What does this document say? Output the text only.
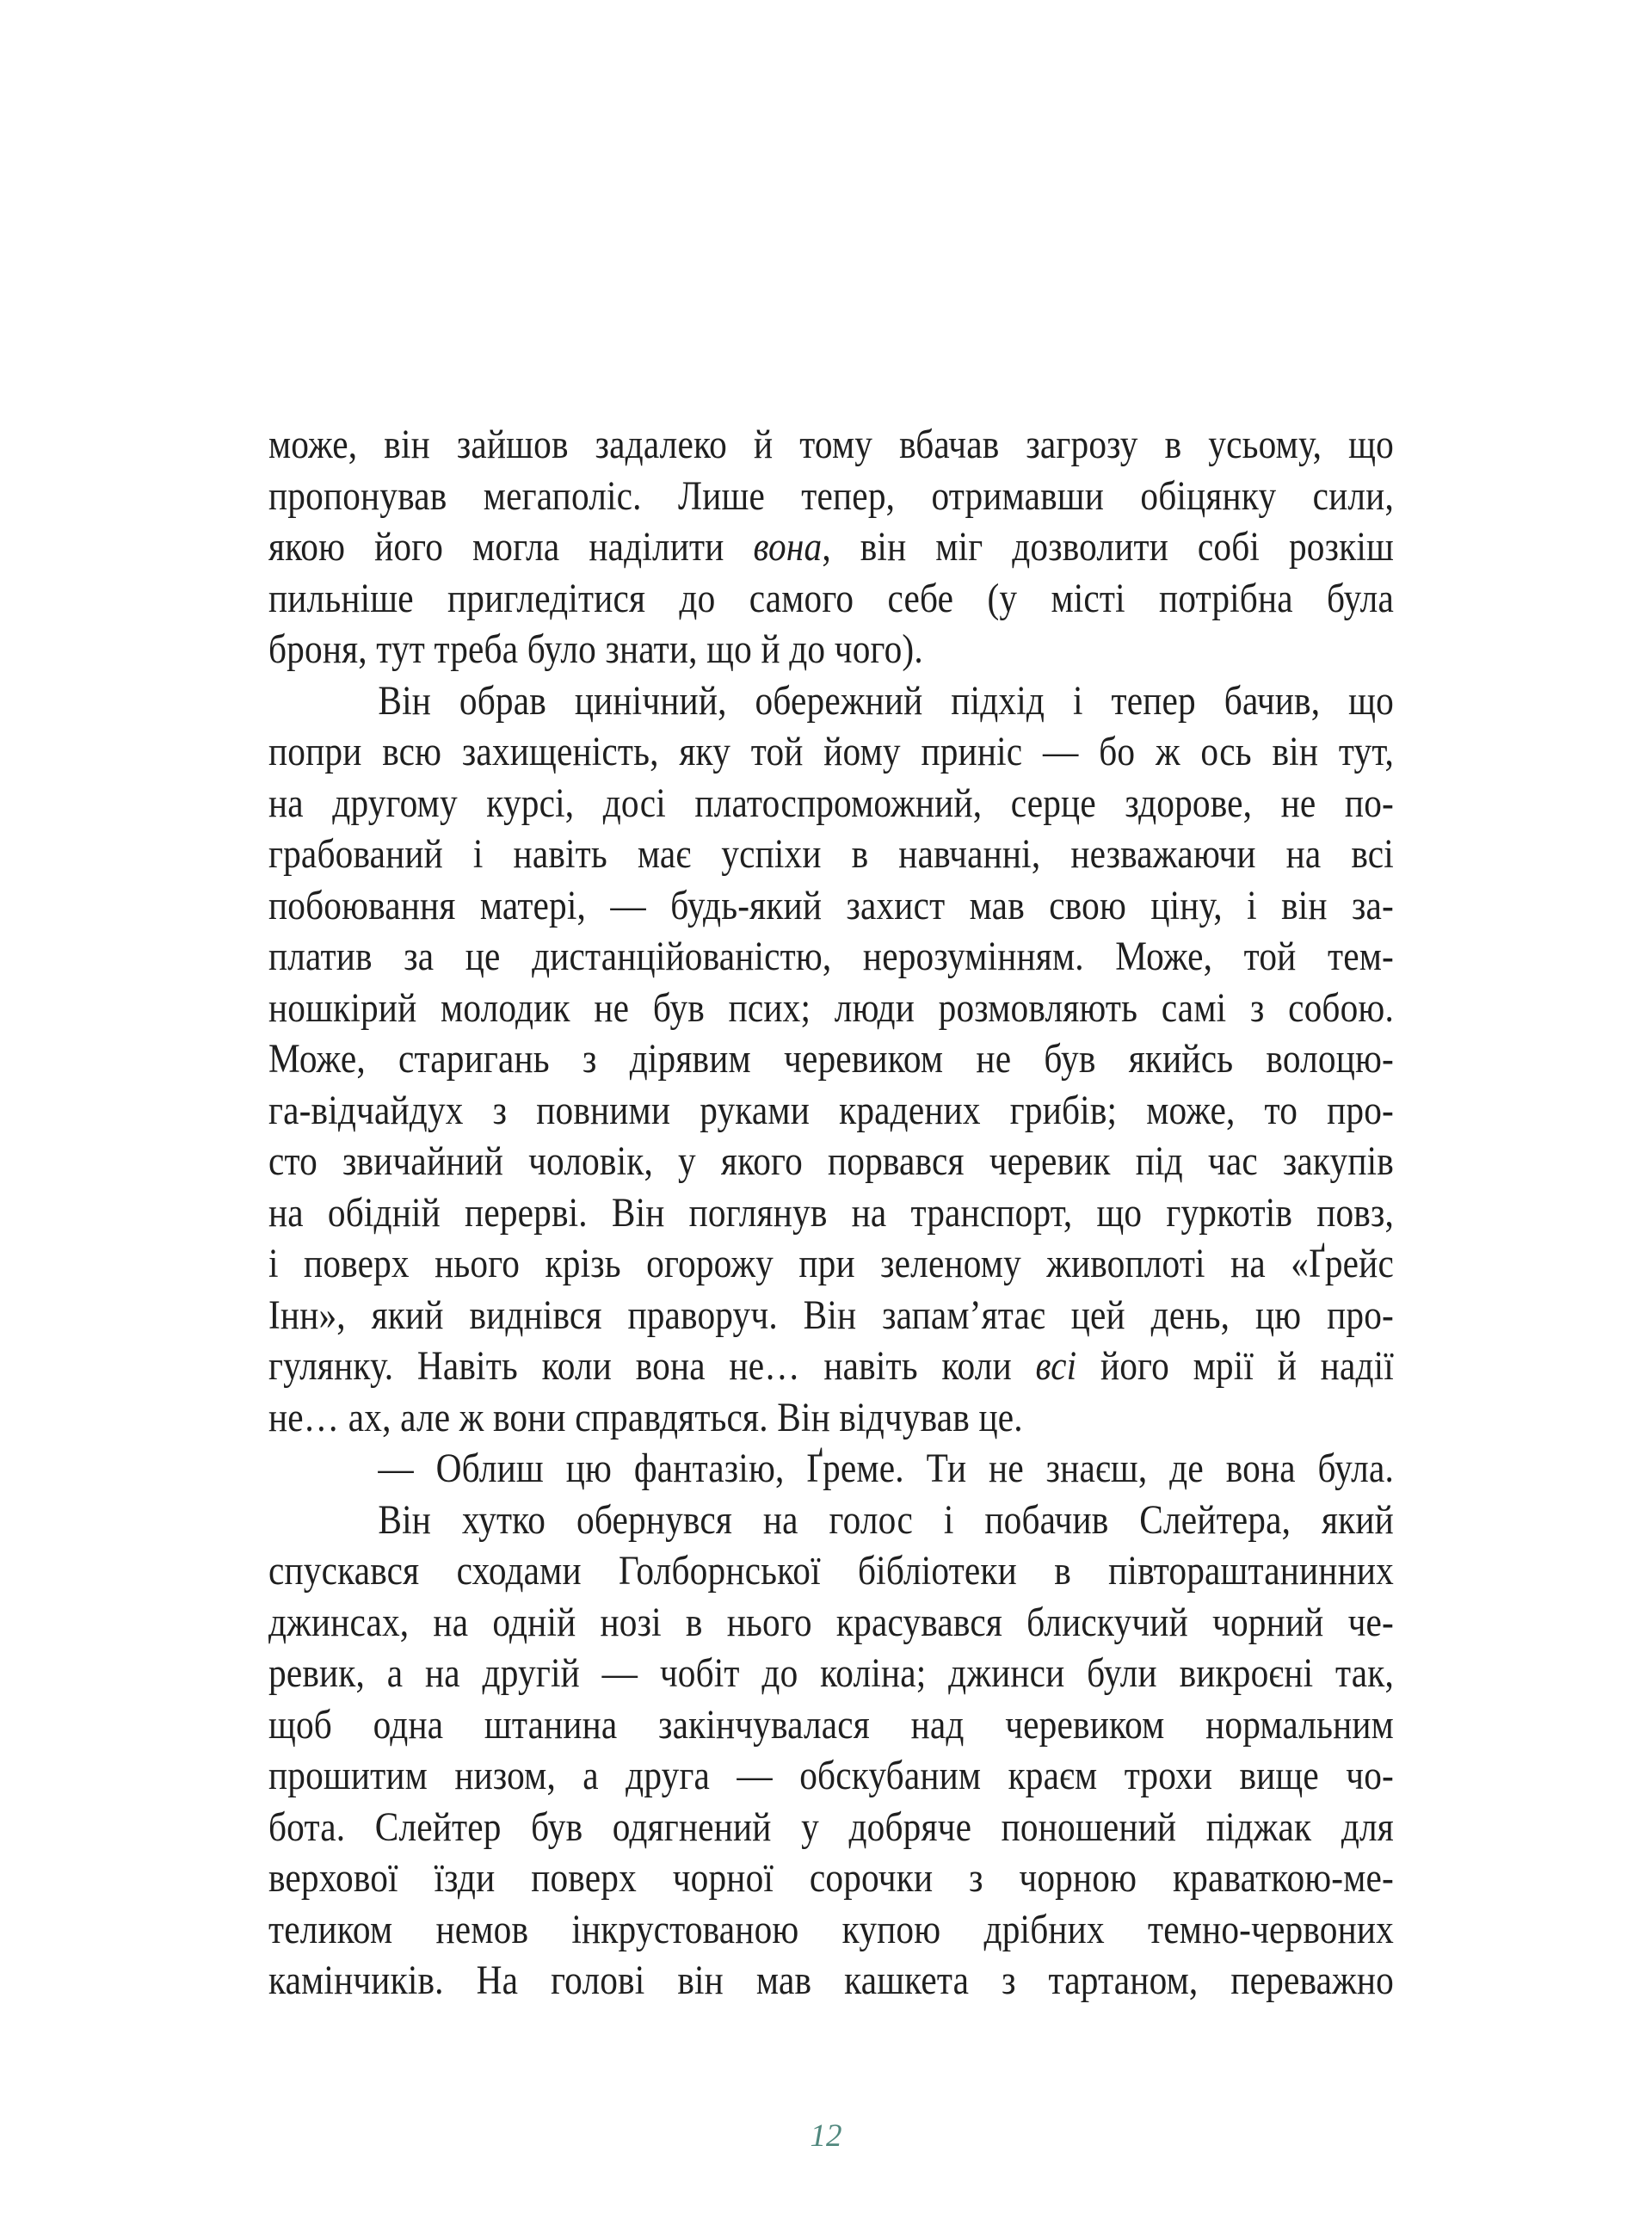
може, він зайшов задалеко й тому вбачав загрозу в усьому, що
пропонував мегаполіс. Лише тепер, отримавши обіцянку сили,
якою його могла наділити вона, він міг дозволити собі розкіш
пильніше пригледітися до самого себе (у місті потрібна була
броня, тут треба було знати, що й до чого).
Він обрав цинічний, обережний підхід і тепер бачив, що
попри всю захищеність, яку той йому приніс — бо ж ось він тут,
на другому курсі, досі платоспроможний, серце здорове, не по-
грабований і навіть має успіхи в навчанні, незважаючи на всі
побоювання матері, — будь-який захист мав свою ціну, і він за-
платив за це дистанційованістю, нерозумінням. Може, той тем-
ношкірий молодик не був псих; люди розмовляють самі з собою.
Може, старигань з дірявим черевиком не був якийсь волоцю-
га-відчайдух з повними руками крадених грибів; може, то про-
сто звичайний чоловік, у якого порвався черевик під час закупів
на обідній перерві. Він поглянув на транспорт, що гуркотів повз,
і поверх нього крізь огорожу при зеленому живоплоті на «Ґрейс
Інн», який виднівся праворуч. Він запам’ятає цей день, цю про-
гулянку. Навіть коли вона не… навіть коли всі його мрії й надії
не… ах, але ж вони справдяться. Він відчував це.
— Облиш цю фантазію, Ґреме. Ти не знаєш, де вона була.
Він хутко обернувся на голос і побачив Слейтера, який
спускався сходами Голборнської бібліотеки в півтораштанинних
джинсах, на одній нозі в нього красувався блискучий чорний че-
ревик, а на другій — чобіт до коліна; джинси були викроєні так,
щоб одна штанина закінчувалася над черевиком нормальним
прошитим низом, а друга — обскубаним краєм трохи вище чо-
бота. Слейтер був одягнений у добряче поношений піджак для
верхової їзди поверх чорної сорочки з чорною краваткою-ме-
теликом немов інкрустованою купою дрібних темно-червоних
камінчиків. На голові він мав кашкета з тартаном, переважно
12
